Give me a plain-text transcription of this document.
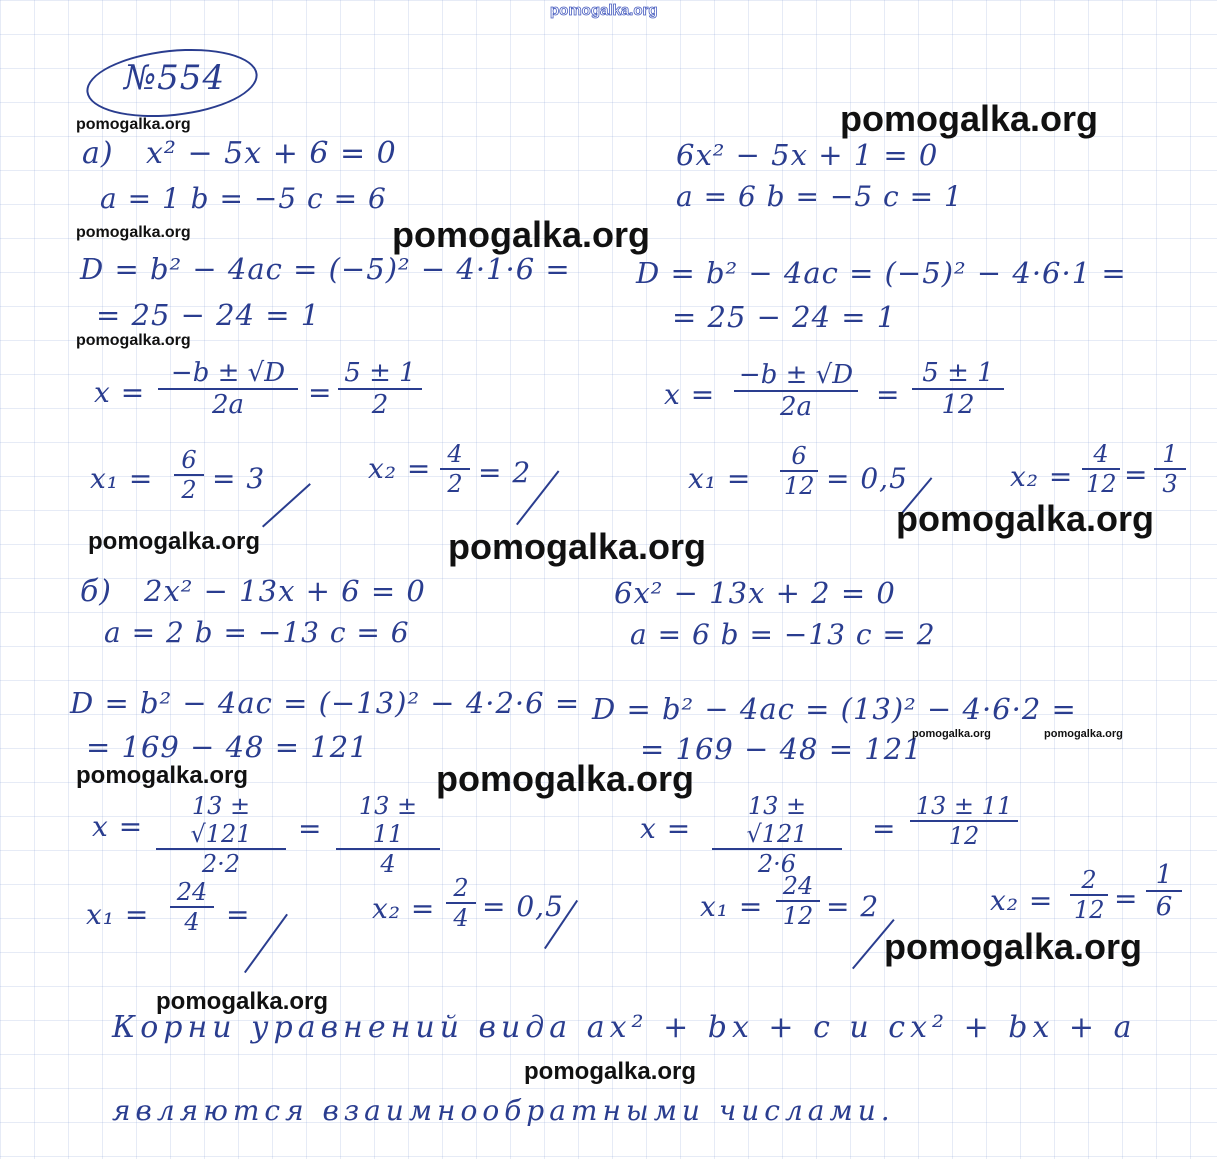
pomogalka.org
№554
а) x² − 5x + 6 = 0
a = 1 b = −5 c = 6
D = b² − 4ac = (−5)² − 4·1·6 =
= 25 − 24 = 1
$x = \frac{-b \pm √D}{2a} = \frac{5 \pm 1}{2}$
$x_1 = \frac{6}{2} = 3$	$x_2 = \frac{4}{2} = 2$
6x² − 5x + 1 = 0
a = 6 b = −5 c = 1
D = b² − 4ac = (−5)² − 4·6·1 =
= 25 − 24 = 1
$x = \frac{-b \pm √D}{2a} = \frac{5 \pm 1}{12}$
$x_1 = \frac{6}{12} = 0,5$	$x_2 = \frac{4}{12} = \frac{1}{3}$
б) 2x² − 13x + 6 = 0
a = 2 b = −13 c = 6
D = b² − 4ac = (−13)² − 4·2·6 =
= 169 − 48 = 121
$x = \frac{13 \pm √121}{2\cdot 2} = \frac{13 \pm 11}{4}$
$x_1 = \frac{24}{4}$ =	$x_2 = \frac{2}{4} = 0,5$
6x² − 13x + 2 = 0
a = 6 b = −13 c = 2
D = b² − 4ac = (13)² − 4·6·2 =
= 169 − 48 = 121
$x = \frac{13 \pm √121}{2\cdot 6} = \frac{13 \pm 11}{12}$
$x_1 = \frac{24}{12} = 2$	$x_2 = \frac{2}{12} = \frac{1}{6}$
Корни уравнений вида ax² + bx + c и cx² + bx + a
являются взаимнообратными числами.
pomogalka.org	pomogalka.org
pomogalka.org	pomogalka.org
pomogalka.org
pomogalka.org
pomogalka.org	pomogalka.org
pomogalka.org	pomogalka.org
pomogalka.org	pomogalka.org
pomogalka.org
pomogalka.org
pomogalka.org
